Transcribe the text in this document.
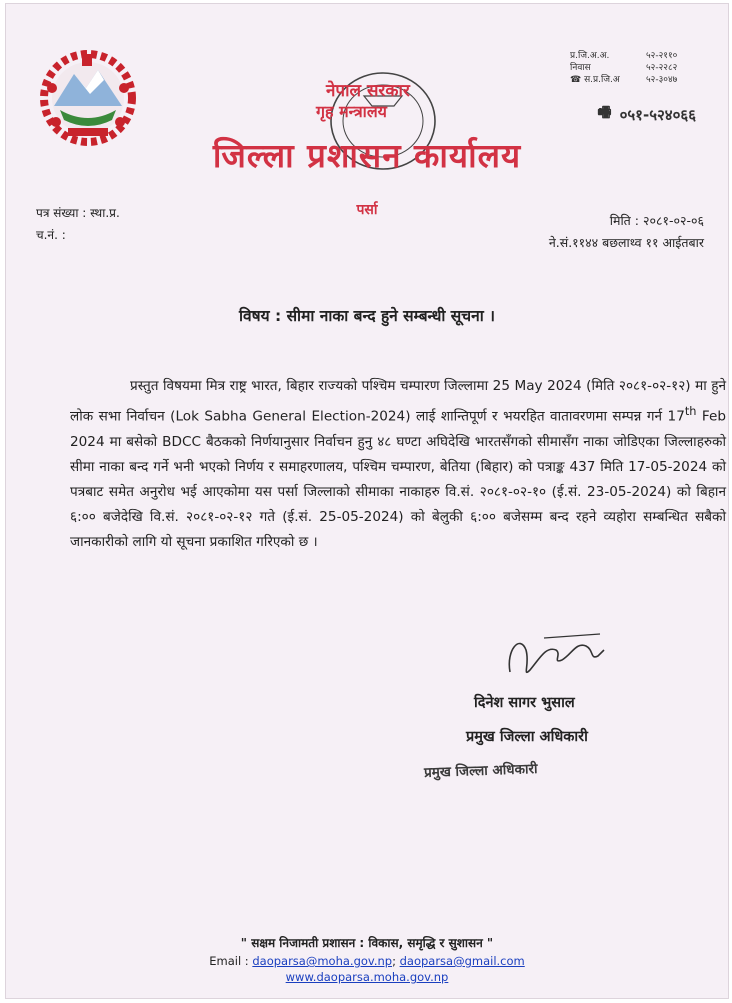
नेपाल सरकार
गृह मन्त्रालय
जिल्ला प्रशासन कार्यालय
पर्सा
प्र.जि.अ.अ.	५२-२११०
निवास	५२-२२८२
☎ स.प्र.जि.अ	५२-३०४७
🖷 ०५१-५२४०६६
पत्र संख्या : स्था.प्र.
च.नं. :
मिति : २०८१-०२-०६
ने.सं.११४४ बछलाथ्व ११ आईतबार
विषय : सीमा नाका बन्द हुने सम्बन्धी सूचना ।

प्रस्तुत विषयमा मित्र राष्ट्र भारत, बिहार राज्यको पश्चिम चम्पारण जिल्लामा 25 May 2024 (मिति २०८१-०२-१२) मा हुने लोक सभा निर्वाचन (Lok Sabha General Election-2024) लाई शान्तिपूर्ण र भयरहित वातावरणमा सम्पन्न गर्न 17th Feb 2024 मा बसेको BDCC बैठकको निर्णयानुसार निर्वाचन हुनु ४८ घण्टा अघिदेखि भारतसँगको सीमासँग नाका जोडिएका जिल्लाहरुको सीमा नाका बन्द गर्ने भनी भएको निर्णय र समाहरणालय, पश्चिम चम्पारण, बेतिया (बिहार) को पत्राङ्क 437 मिति 17-05-2024 को पत्रबाट समेत अनुरोध भई आएकोमा यस पर्सा जिल्लाको सीमाका नाकाहरु वि.सं. २०८१-०२-१० (ई.सं. 23-05-2024) को बिहान ६:०० बजेदेखि वि.सं. २०८१-०२-१२ गते (ई.सं. 25-05-2024) को बेलुकी ६:०० बजेसम्म बन्द रहने व्यहोरा सम्बन्धित सबैको जानकारीको लागि यो सूचना प्रकाशित गरिएको छ ।

दिनेश सागर भुसाल
प्रमुख जिल्ला अधिकारी
प्रमुख जिल्ला अधिकारी
" सक्षम निजामती प्रशासन : विकास, समृद्धि र सुशासन "
Email : daoparsa@moha.gov.np; daoparsa@gmail.com
www.daoparsa.moha.gov.np
